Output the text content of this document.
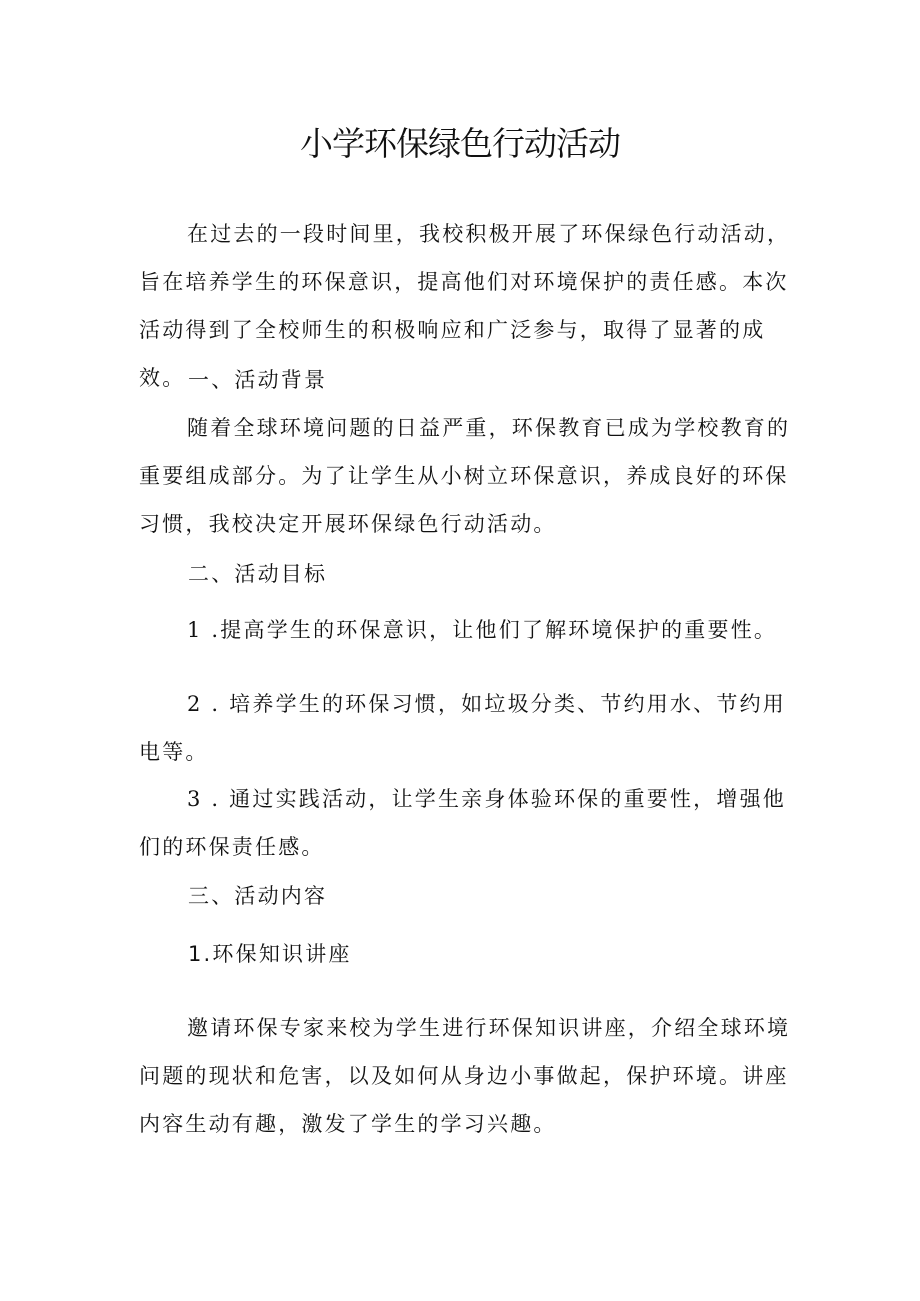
小学环保绿色行动活动

在过去的一段时间里，我校积极开展了环保绿色行动活动，旨在培养学生的环保意识，提高他们对环境保护的责任感。本次活动得到了全校师生的积极响应和广泛参与，取得了显著的成效。 一、活动背景

随着全球环境问题的日益严重，环保教育已成为学校教育的重要组成部分。为了让学生从小树立环保意识，养成良好的环保习惯，我校决定开展环保绿色行动活动。

二、活动目标

1 .提高学生的环保意识，让他们了解环境保护的重要性。

2 . 培养学生的环保习惯，如垃圾分类、节约用水、节约用电等。

3 . 通过实践活动，让学生亲身体验环保的重要性，增强他们的环保责任感。

三、活动内容

1.环保知识讲座

邀请环保专家来校为学生进行环保知识讲座，介绍全球环境问题的现状和危害，以及如何从身边小事做起，保护环境。讲座内容生动有趣，激发了学生的学习兴趣。
